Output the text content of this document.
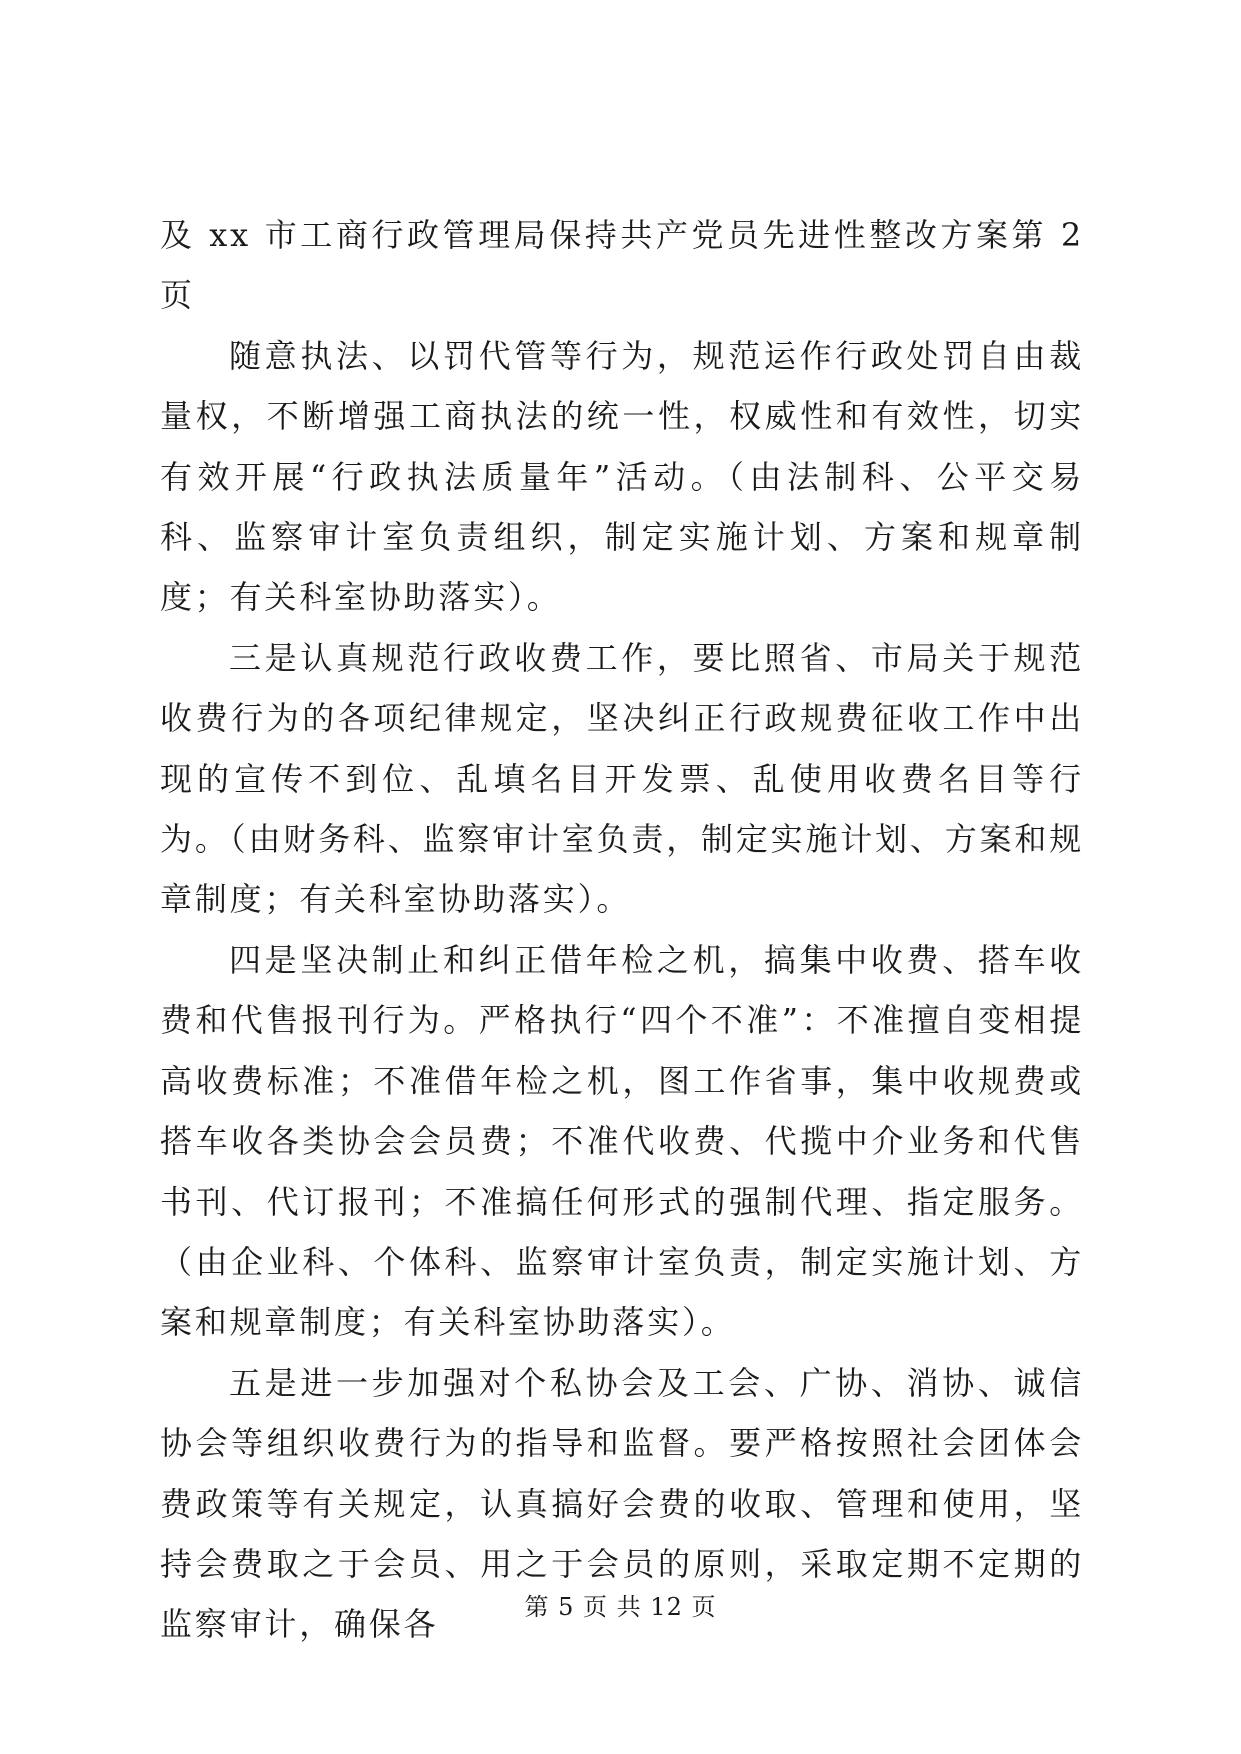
及 xx 市工商行政管理局保持共产党员先进性整改方案第 2 页

随意执法、以罚代管等行为，规范运作行政处罚自由裁量权，不断增强工商执法的统一性，权威性和有效性，切实有效开展“行政执法质量年”活动。（由法制科、公平交易科、监察审计室负责组织，制定实施计划、方案和规章制度；有关科室协助落实）。

三是认真规范行政收费工作，要比照省、市局关于规范收费行为的各项纪律规定，坚决纠正行政规费征收工作中出现的宣传不到位、乱填名目开发票、乱使用收费名目等行为。（由财务科、监察审计室负责，制定实施计划、方案和规章制度；有关科室协助落实）。

四是坚决制止和纠正借年检之机，搞集中收费、搭车收费和代售报刊行为。严格执行“四个不准”：不准擅自变相提高收费标准；不准借年检之机，图工作省事，集中收规费或搭车收各类协会会员费；不准代收费、代揽中介业务和代售书刊、代订报刊；不准搞任何形式的强制代理、指定服务。（由企业科、个体科、监察审计室负责，制定实施计划、方案和规章制度；有关科室协助落实）。

五是进一步加强对个私协会及工会、广协、消协、诚信协会等组织收费行为的指导和监督。要严格按照社会团体会费政策等有关规定，认真搞好会费的收取、管理和使用，坚持会费取之于会员、用之于会员的原则，采取定期不定期的监察审计，确保各	第 5 页 共 12 页
